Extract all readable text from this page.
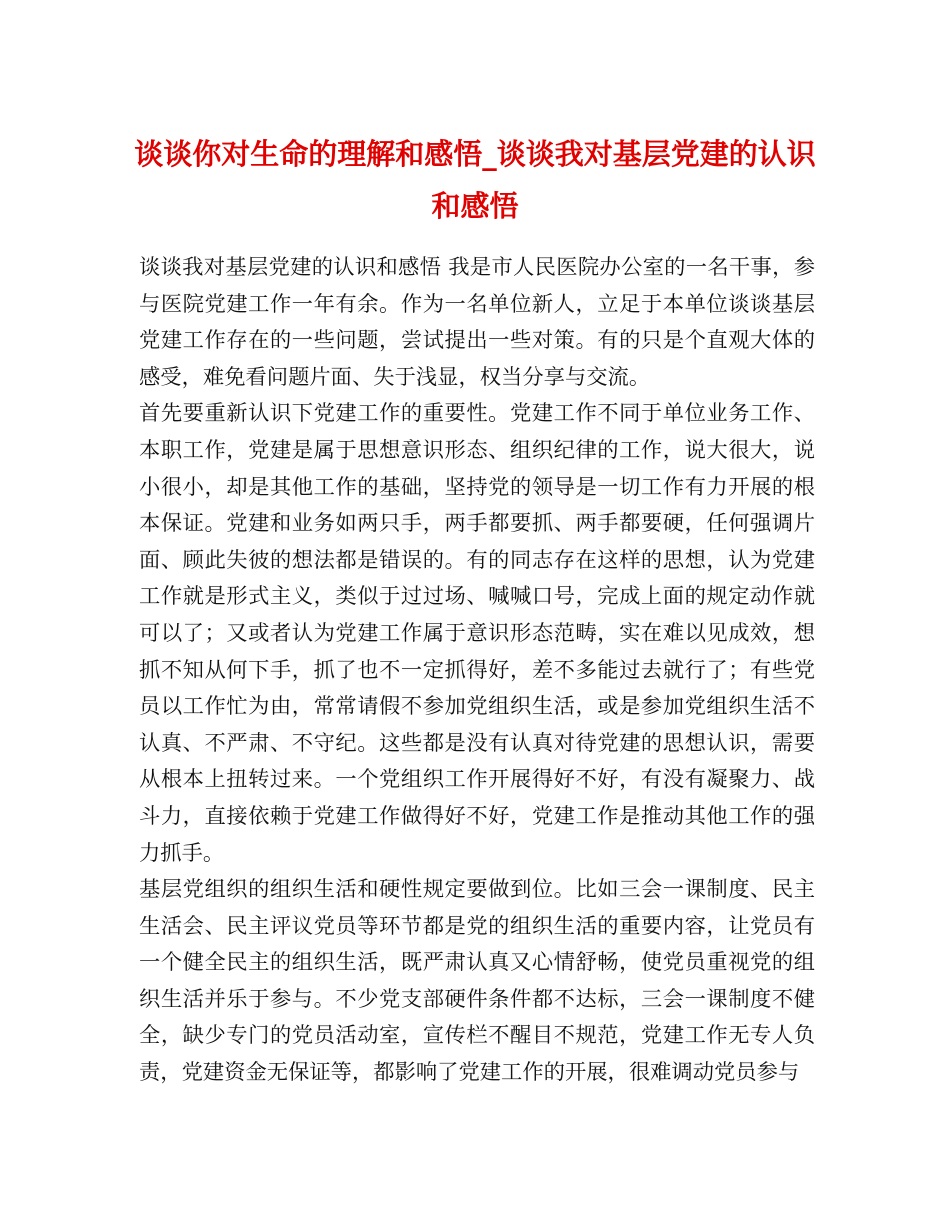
谈谈你对生命的理解和感悟_谈谈我对基层党建的认识和感悟

谈谈我对基层党建的认识和感悟 我是市人民医院办公室的一名干事，参与医院党建工作一年有余。作为一名单位新人，立足于本单位谈谈基层党建工作存在的一些问题，尝试提出一些对策。有的只是个直观大体的感受，难免看问题片面、失于浅显，权当分享与交流。

首先要重新认识下党建工作的重要性。党建工作不同于单位业务工作、本职工作，党建是属于思想意识形态、组织纪律的工作，说大很大，说小很小，却是其他工作的基础，坚持党的领导是一切工作有力开展的根本保证。党建和业务如两只手，两手都要抓、两手都要硬，任何强调片面、顾此失彼的想法都是错误的。有的同志存在这样的思想，认为党建工作就是形式主义，类似于过过场、喊喊口号，完成上面的规定动作就可以了；又或者认为党建工作属于意识形态范畴，实在难以见成效，想抓不知从何下手，抓了也不一定抓得好，差不多能过去就行了；有些党员以工作忙为由，常常请假不参加党组织生活，或是参加党组织生活不认真、不严肃、不守纪。这些都是没有认真对待党建的思想认识，需要从根本上扭转过来。一个党组织工作开展得好不好，有没有凝聚力、战斗力，直接依赖于党建工作做得好不好，党建工作是推动其他工作的强力抓手。

基层党组织的组织生活和硬性规定要做到位。比如三会一课制度、民主生活会、民主评议党员等环节都是党的组织生活的重要内容，让党员有一个健全民主的组织生活，既严肃认真又心情舒畅，使党员重视党的组织生活并乐于参与。不少党支部硬件条件都不达标，三会一课制度不健全，缺少专门的党员活动室，宣传栏不醒目不规范，党建工作无专人负责，党建资金无保证等，都影响了党建工作的开展，很难调动党员参与
